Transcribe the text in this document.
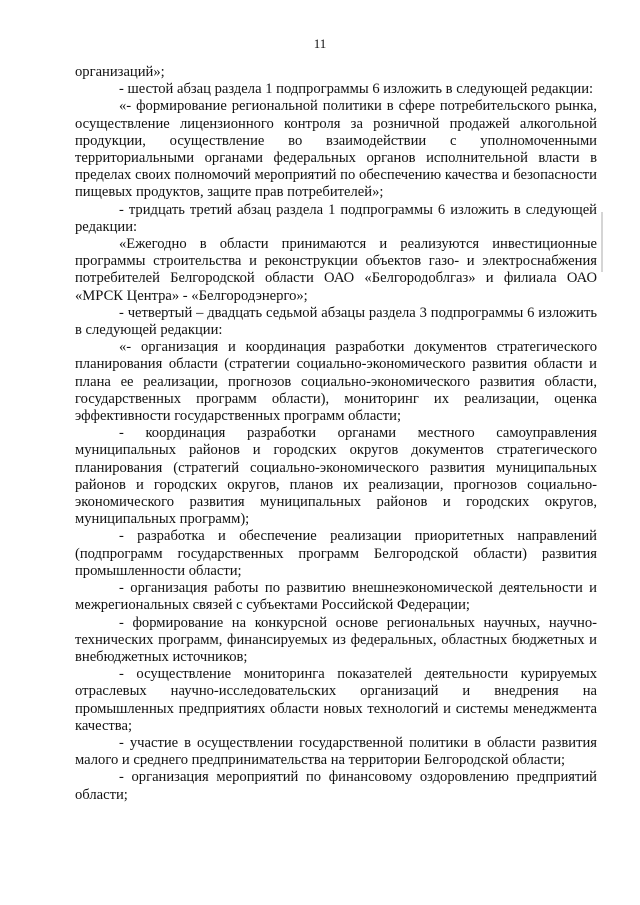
11

организаций»;

- шестой абзац раздела 1 подпрограммы 6 изложить в следующей редакции:

«- формирование региональной политики в сфере потребительского рынка, осуществление лицензионного контроля за розничной продажей алкогольной продукции, осуществление во взаимодействии с уполномоченными территориальными органами федеральных органов исполнительной власти в пределах своих полномочий мероприятий по обеспечению качества и безопасности пищевых продуктов, защите прав потребителей»;

- тридцать третий абзац раздела 1 подпрограммы 6 изложить в следующей редакции:

«Ежегодно в области принимаются и реализуются инвестиционные программы строительства и реконструкции объектов газо- и электроснабжения потребителей Белгородской области ОАО «Белгородоблгаз» и филиала ОАО «МРСК Центра» - «Белгородэнерго»;

- четвертый – двадцать седьмой абзацы раздела 3 подпрограммы 6 изложить в следующей редакции:

«- организация и координация разработки документов стратегического планирования области (стратегии социально-экономического развития области и плана ее реализации, прогнозов социально-экономического развития области, государственных программ области), мониторинг их реализации, оценка эффективности государственных программ области;

- координация разработки органами местного самоуправления муниципальных районов и городских округов документов стратегического планирования (стратегий социально-экономического развития муниципальных районов и городских округов, планов их реализации, прогнозов социально-экономического развития муниципальных районов и городских округов, муниципальных программ);

- разработка и обеспечение реализации приоритетных направлений (подпрограмм государственных программ Белгородской области) развития промышленности области;

- организация работы по развитию внешнеэкономической деятельности и межрегиональных связей с субъектами Российской Федерации;

- формирование на конкурсной основе региональных научных, научно-технических программ, финансируемых из федеральных, областных бюджетных и внебюджетных источников;

- осуществление мониторинга показателей деятельности курируемых отраслевых научно-исследовательских организаций и внедрения на промышленных предприятиях области новых технологий и системы менеджмента качества;

- участие в осуществлении государственной политики в области развития малого и среднего предпринимательства на территории Белгородской области;

- организация мероприятий по финансовому оздоровлению предприятий области;
